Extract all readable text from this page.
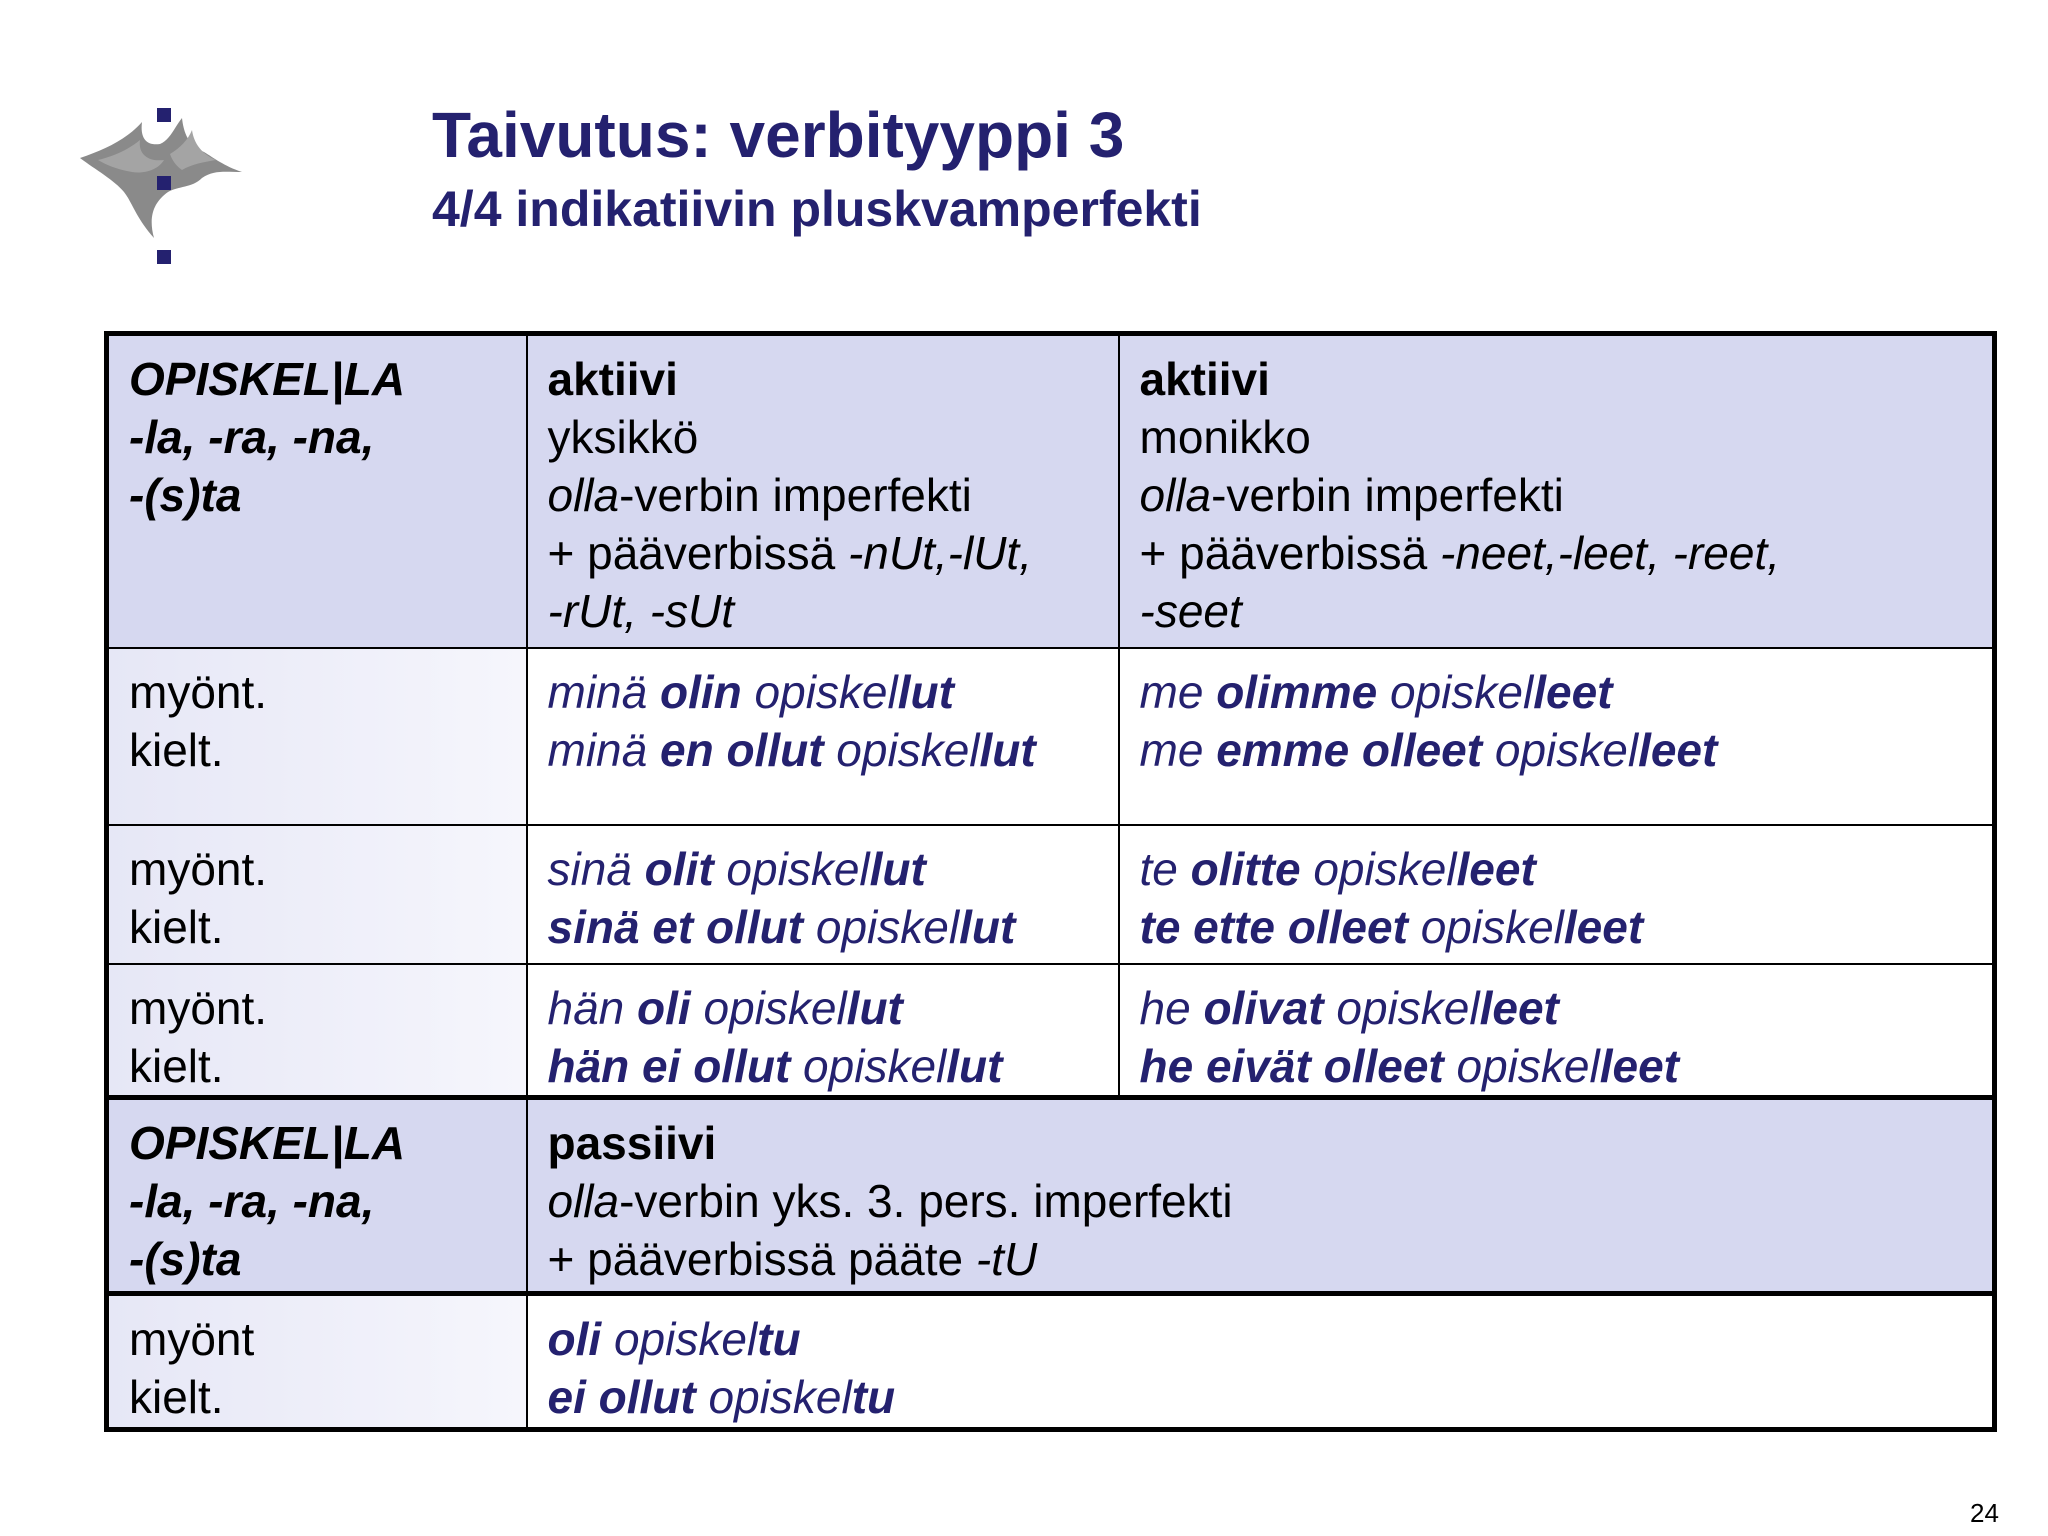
Taivutus: verbityyppi 3
4/4 indikatiivin pluskvamperfekti
OPISKEL|LA
-la, -ra, -na,
-(s)ta	aktiivi
yksikkö
olla-verbin imperfekti
+ pääverbissä -nUt,-lUt,
-rUt, -sUt	aktiivi
monikko
olla-verbin imperfekti
+ pääverbissä -neet,-leet, -reet,
-seet

myönt.
kielt.	minä olin opiskellut
minä en ollut opiskellut	me olimme opiskelleet
me emme olleet opiskelleet

myönt.
kielt.	sinä olit opiskellut
sinä et ollut opiskellut	te olitte opiskelleet
te ette olleet opiskelleet

myönt.
kielt.	hän oli opiskellut
hän ei ollut opiskellut	he olivat opiskelleet
he eivät olleet opiskelleet

OPISKEL|LA
-la, -ra, -na,
-(s)ta	passiivi
olla-verbin yks. 3. pers. imperfekti
+ pääverbissä pääte -tU	

myönt
kielt.	oli opiskeltu
ei ollut opiskeltu	
24
